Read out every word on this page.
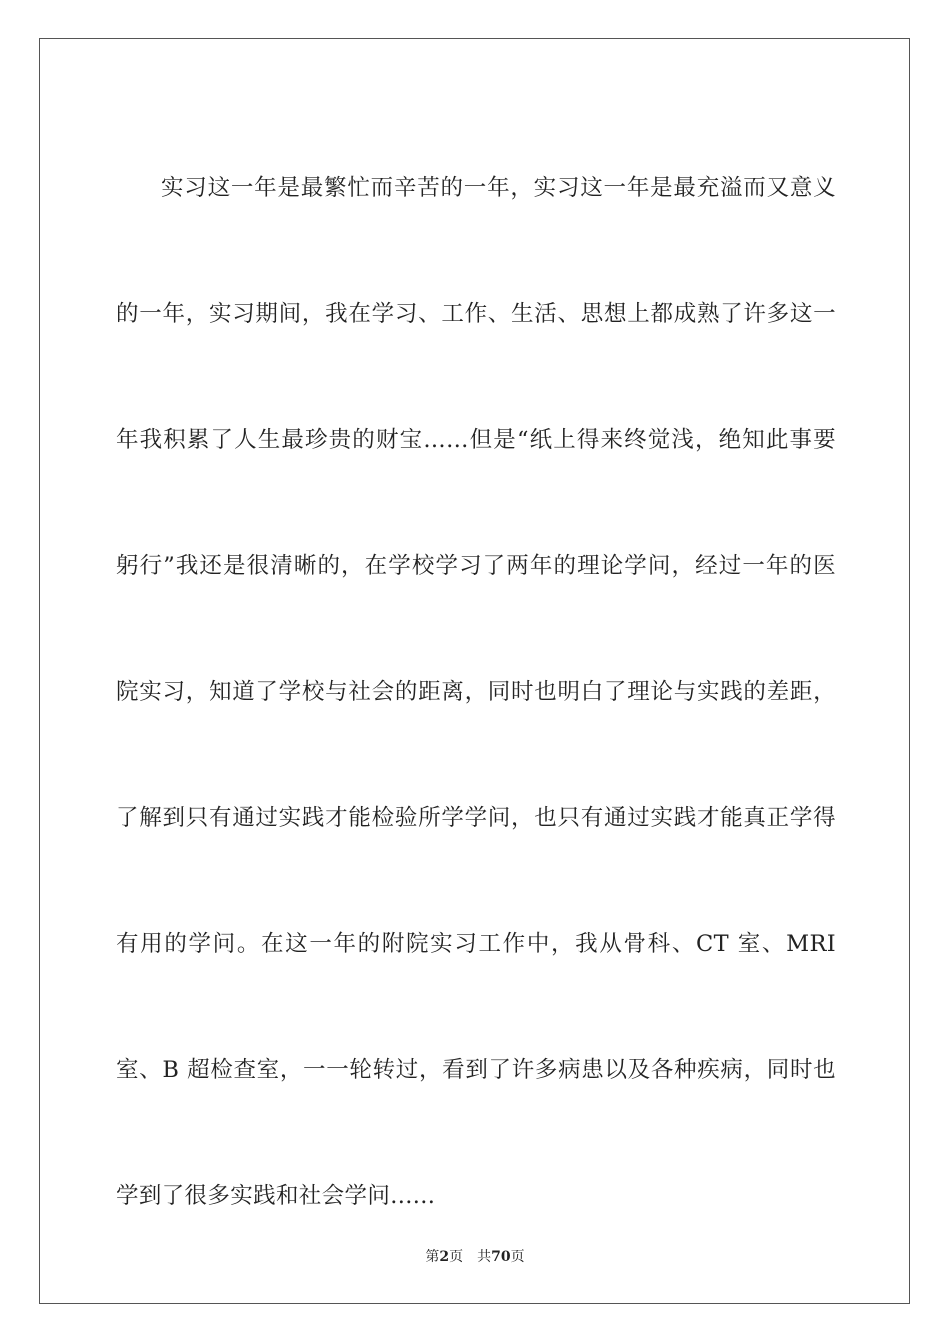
实习这一年是最繁忙而辛苦的一年，实习这一年是最充溢而又意义的一年，实习期间，我在学习、工作、生活、思想上都成熟了许多这一年我积累了人生最珍贵的财宝……但是“纸上得来终觉浅，绝知此事要躬行”我还是很清晰的，在学校学习了两年的理论学问，经过一年的医院实习，知道了学校与社会的距离，同时也明白了理论与实践的差距，了解到只有通过实践才能检验所学学问，也只有通过实践才能真正学得有用的学问。在这一年的附院实习工作中，我从骨科、CT 室、MRI 室、B 超检查室，一一轮转过，看到了许多病患以及各种疾病，同时也学到了很多实践和社会学问......

第2页 共70页
